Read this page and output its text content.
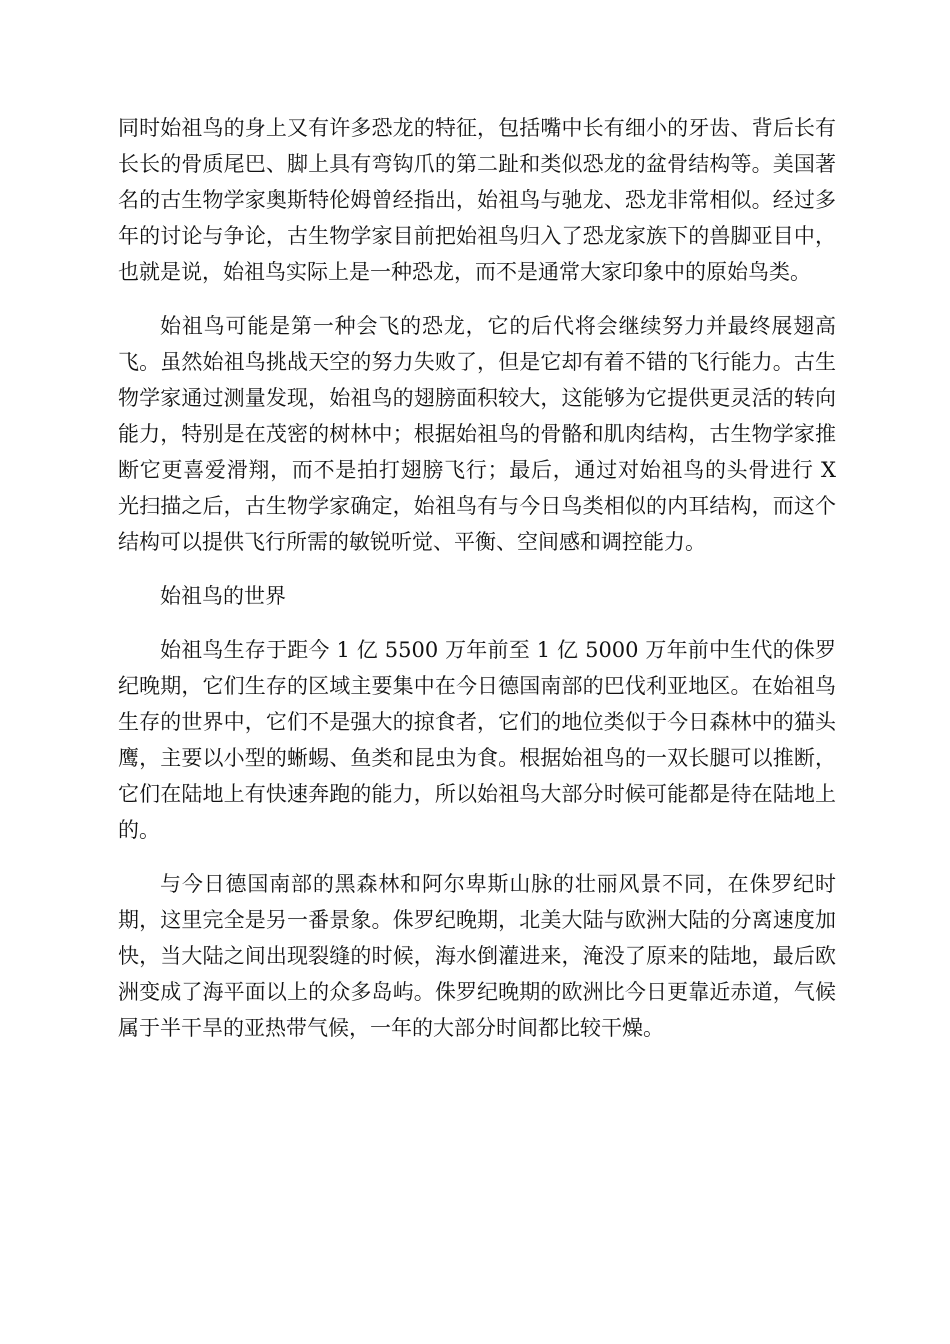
同时始祖鸟的身上又有许多恐龙的特征，包括嘴中长有细小的牙齿、背后长有长长的骨质尾巴、脚上具有弯钩爪的第二趾和类似恐龙的盆骨结构等。美国著名的古生物学家奥斯特伦姆曾经指出，始祖鸟与驰龙、恐龙非常相似。经过多年的讨论与争论，古生物学家目前把始祖鸟归入了恐龙家族下的兽脚亚目中，也就是说，始祖鸟实际上是一种恐龙，而不是通常大家印象中的原始鸟类。

始祖鸟可能是第一种会飞的恐龙，它的后代将会继续努力并最终展翅高飞。虽然始祖鸟挑战天空的努力失败了，但是它却有着不错的飞行能力。古生物学家通过测量发现，始祖鸟的翅膀面积较大，这能够为它提供更灵活的转向能力，特别是在茂密的树林中；根据始祖鸟的骨骼和肌肉结构，古生物学家推断它更喜爱滑翔，而不是拍打翅膀飞行；最后，通过对始祖鸟的头骨进行 X 光扫描之后，古生物学家确定，始祖鸟有与今日鸟类相似的内耳结构，而这个结构可以提供飞行所需的敏锐听觉、平衡、空间感和调控能力。

始祖鸟的世界

始祖鸟生存于距今 1 亿 5500 万年前至 1 亿 5000 万年前中生代的侏罗纪晚期，它们生存的区域主要集中在今日德国南部的巴伐利亚地区。在始祖鸟生存的世界中，它们不是强大的掠食者，它们的地位类似于今日森林中的猫头鹰，主要以小型的蜥蜴、鱼类和昆虫为食。根据始祖鸟的一双长腿可以推断，它们在陆地上有快速奔跑的能力，所以始祖鸟大部分时候可能都是待在陆地上的。

与今日德国南部的黑森林和阿尔卑斯山脉的壮丽风景不同，在侏罗纪时期，这里完全是另一番景象。侏罗纪晚期，北美大陆与欧洲大陆的分离速度加快，当大陆之间出现裂缝的时候，海水倒灌进来，淹没了原来的陆地，最后欧洲变成了海平面以上的众多岛屿。侏罗纪晚期的欧洲比今日更靠近赤道，气候属于半干旱的亚热带气候，一年的大部分时间都比较干燥。
